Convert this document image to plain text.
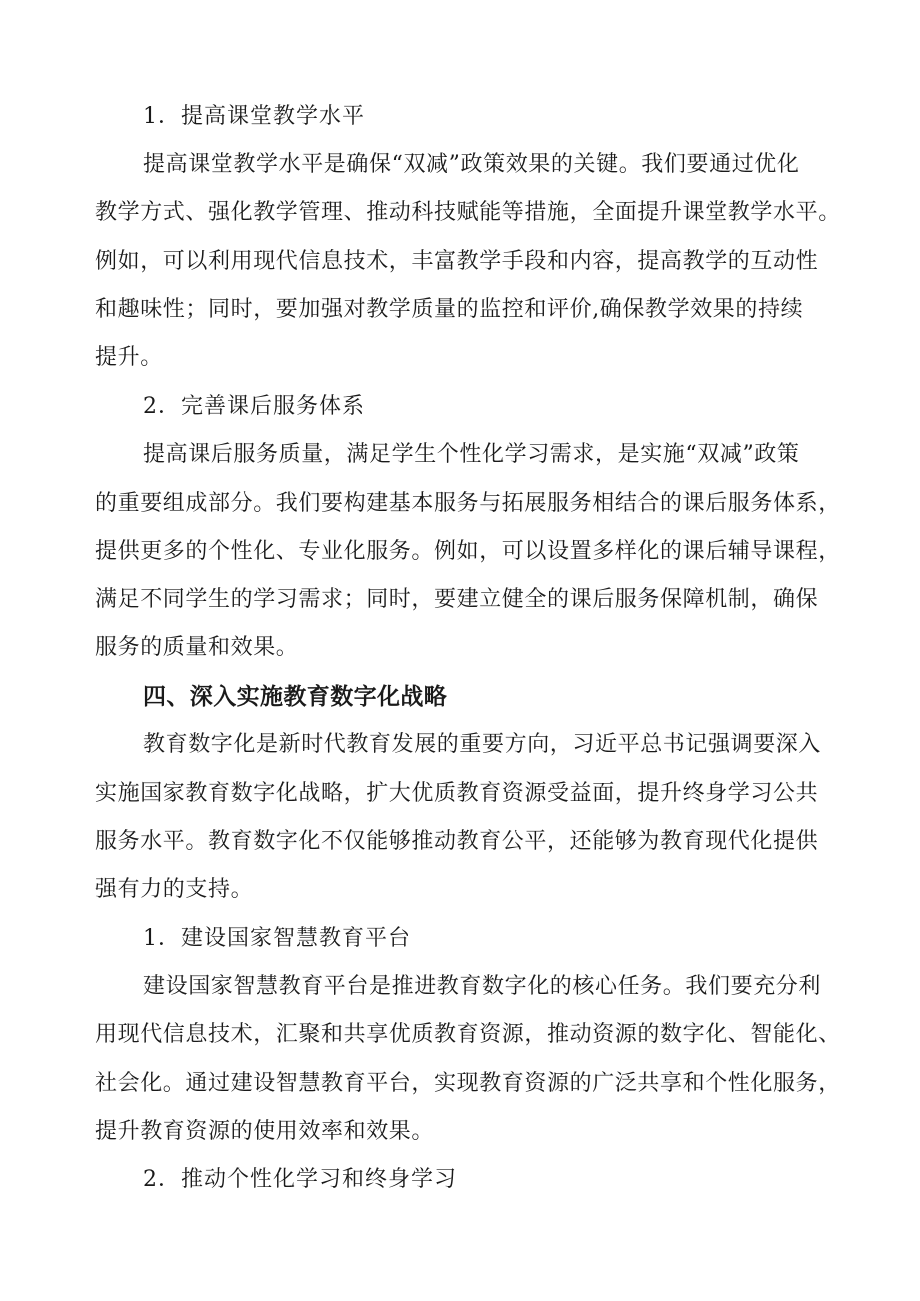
1．提高课堂教学水平
提高课堂教学水平是确保“双减”政策效果的关键。我们要通过优化
教学方式、强化教学管理、推动科技赋能等措施，全面提升课堂教学水平。
例如，可以利用现代信息技术，丰富教学手段和内容，提高教学的互动性
和趣味性；同时，要加强对教学质量的监控和评价,确保教学效果的持续
提升。
2．完善课后服务体系
提高课后服务质量，满足学生个性化学习需求，是实施“双减”政策
的重要组成部分。我们要构建基本服务与拓展服务相结合的课后服务体系，
提供更多的个性化、专业化服务。例如，可以设置多样化的课后辅导课程，
满足不同学生的学习需求；同时，要建立健全的课后服务保障机制，确保
服务的质量和效果。
四、深入实施教育数字化战略
教育数字化是新时代教育发展的重要方向，习近平总书记强调要深入
实施国家教育数字化战略，扩大优质教育资源受益面，提升终身学习公共
服务水平。教育数字化不仅能够推动教育公平，还能够为教育现代化提供
强有力的支持。
1．建设国家智慧教育平台
建设国家智慧教育平台是推进教育数字化的核心任务。我们要充分利
用现代信息技术，汇聚和共享优质教育资源，推动资源的数字化、智能化、
社会化。通过建设智慧教育平台，实现教育资源的广泛共享和个性化服务，
提升教育资源的使用效率和效果。
2．推动个性化学习和终身学习
